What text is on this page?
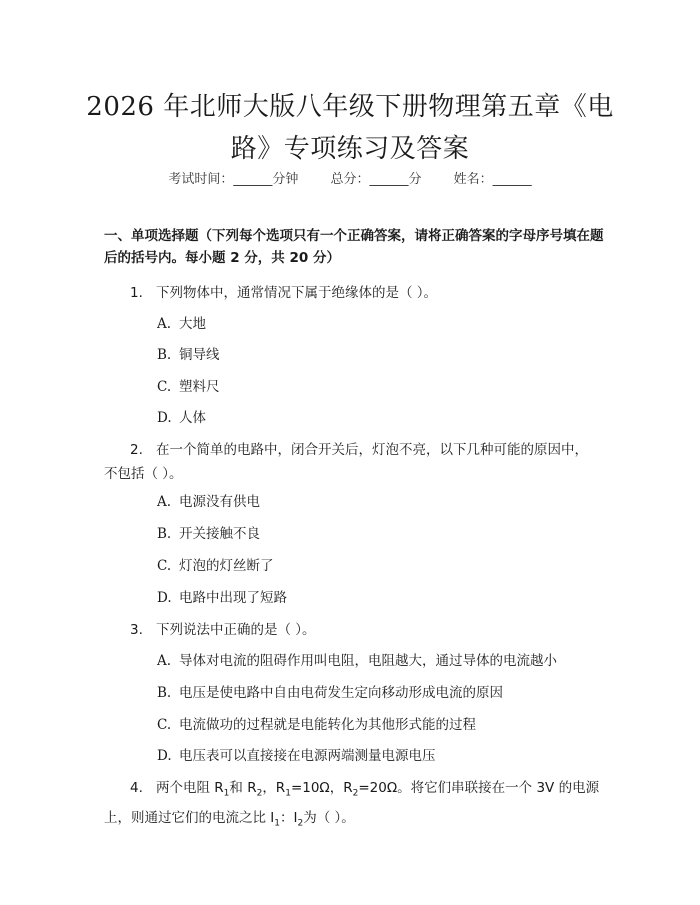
2026 年北师大版八年级下册物理第五章《电
路》专项练习及答案
考试时间：______分钟 总分：______分 姓名：______
一、单项选择题（下列每个选项只有一个正确答案，请将正确答案的字母序号填在题后的括号内。每小题 2 分，共 20 分）
1. 下列物体中，通常情况下属于绝缘体的是（ ）。
A. 大地
B. 铜导线
C. 塑料尺
D. 人体
2. 在一个简单的电路中，闭合开关后，灯泡不亮，以下几种可能的原因中，
不包括（ ）。
A. 电源没有供电
B. 开关接触不良
C. 灯泡的灯丝断了
D. 电路中出现了短路
3. 下列说法中正确的是（ ）。
A. 导体对电流的阻碍作用叫电阻，电阻越大，通过导体的电流越小
B. 电压是使电路中自由电荷发生定向移动形成电流的原因
C. 电流做功的过程就是电能转化为其他形式能的过程
D. 电压表可以直接接在电源两端测量电源电压
4. 两个电阻 $R_1$和 $R_2$，$R_1=10\Omega$，$R_2=20\Omega$。将它们串联接在一个 3V 的电源
上，则通过它们的电流之比 $I_1$：$I_2$为（ ）。
